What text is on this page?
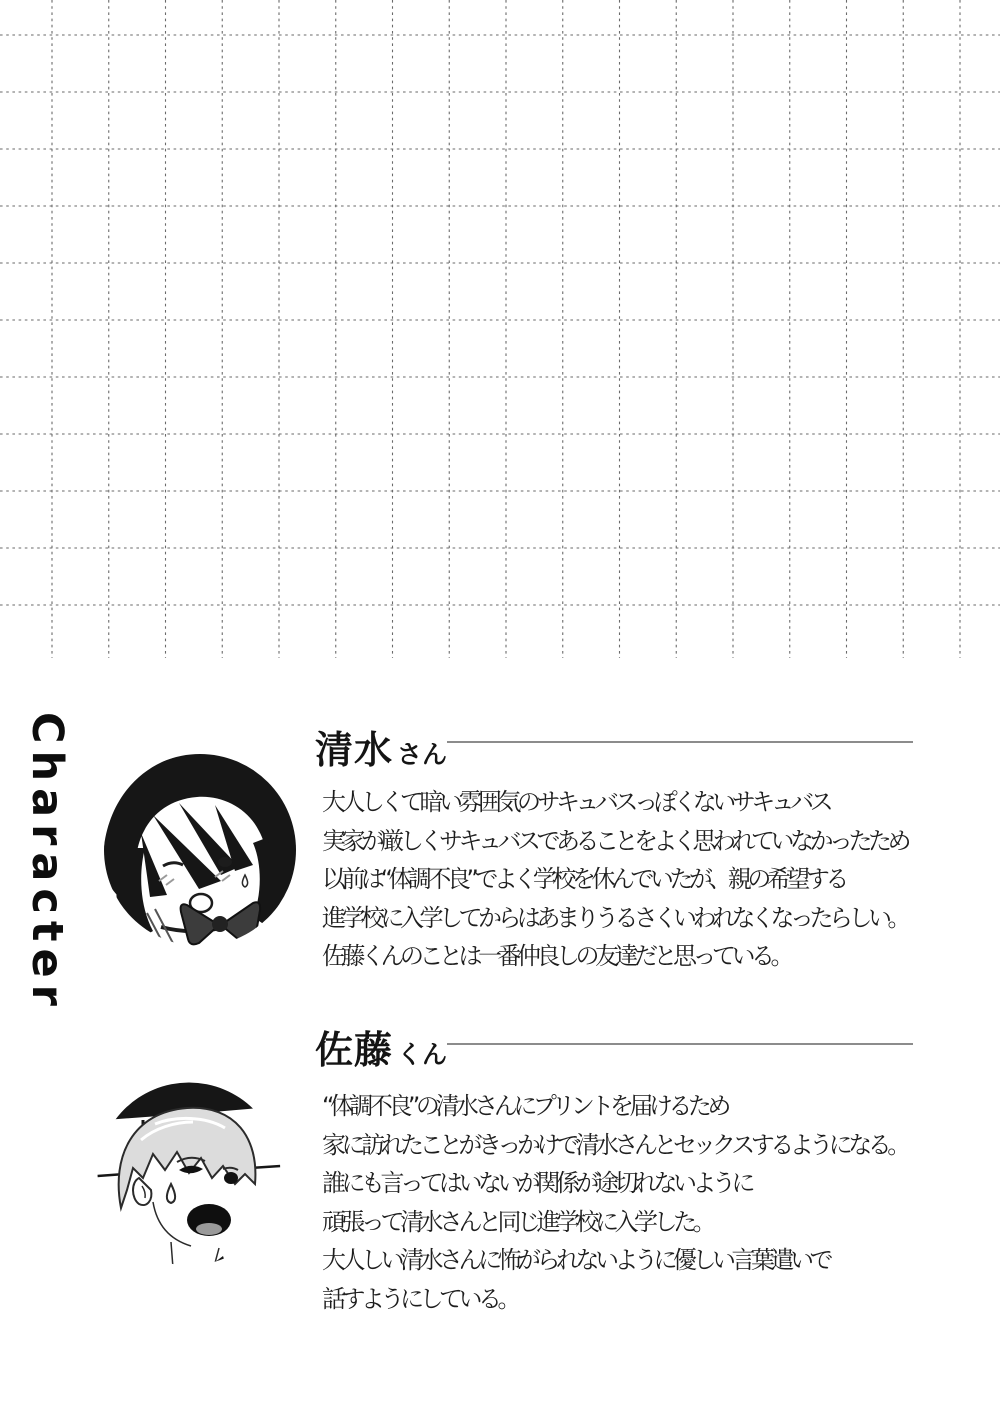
Character	清水 さん
大人しくて暗い雰囲気のサキュバスっぽくないサキュバス
実家が厳しくサキュバスであることをよく思われていなかったため
以前は“体調不良”でよく学校を休んでいたが、親の希望する
進学校に入学してからはあまりうるさくいわれなくなったらしい。
佐藤くんのことは一番仲良しの友達だと思っている。
佐藤 くん
“体調不良”の清水さんにプリントを届けるため
家に訪れたことがきっかけで清水さんとセックスするようになる。
誰にも言ってはいないが関係が途切れないように
頑張って清水さんと同じ進学校に入学した。
大人しい清水さんに怖がられないように優しい言葉遣いで
話すようにしている。
